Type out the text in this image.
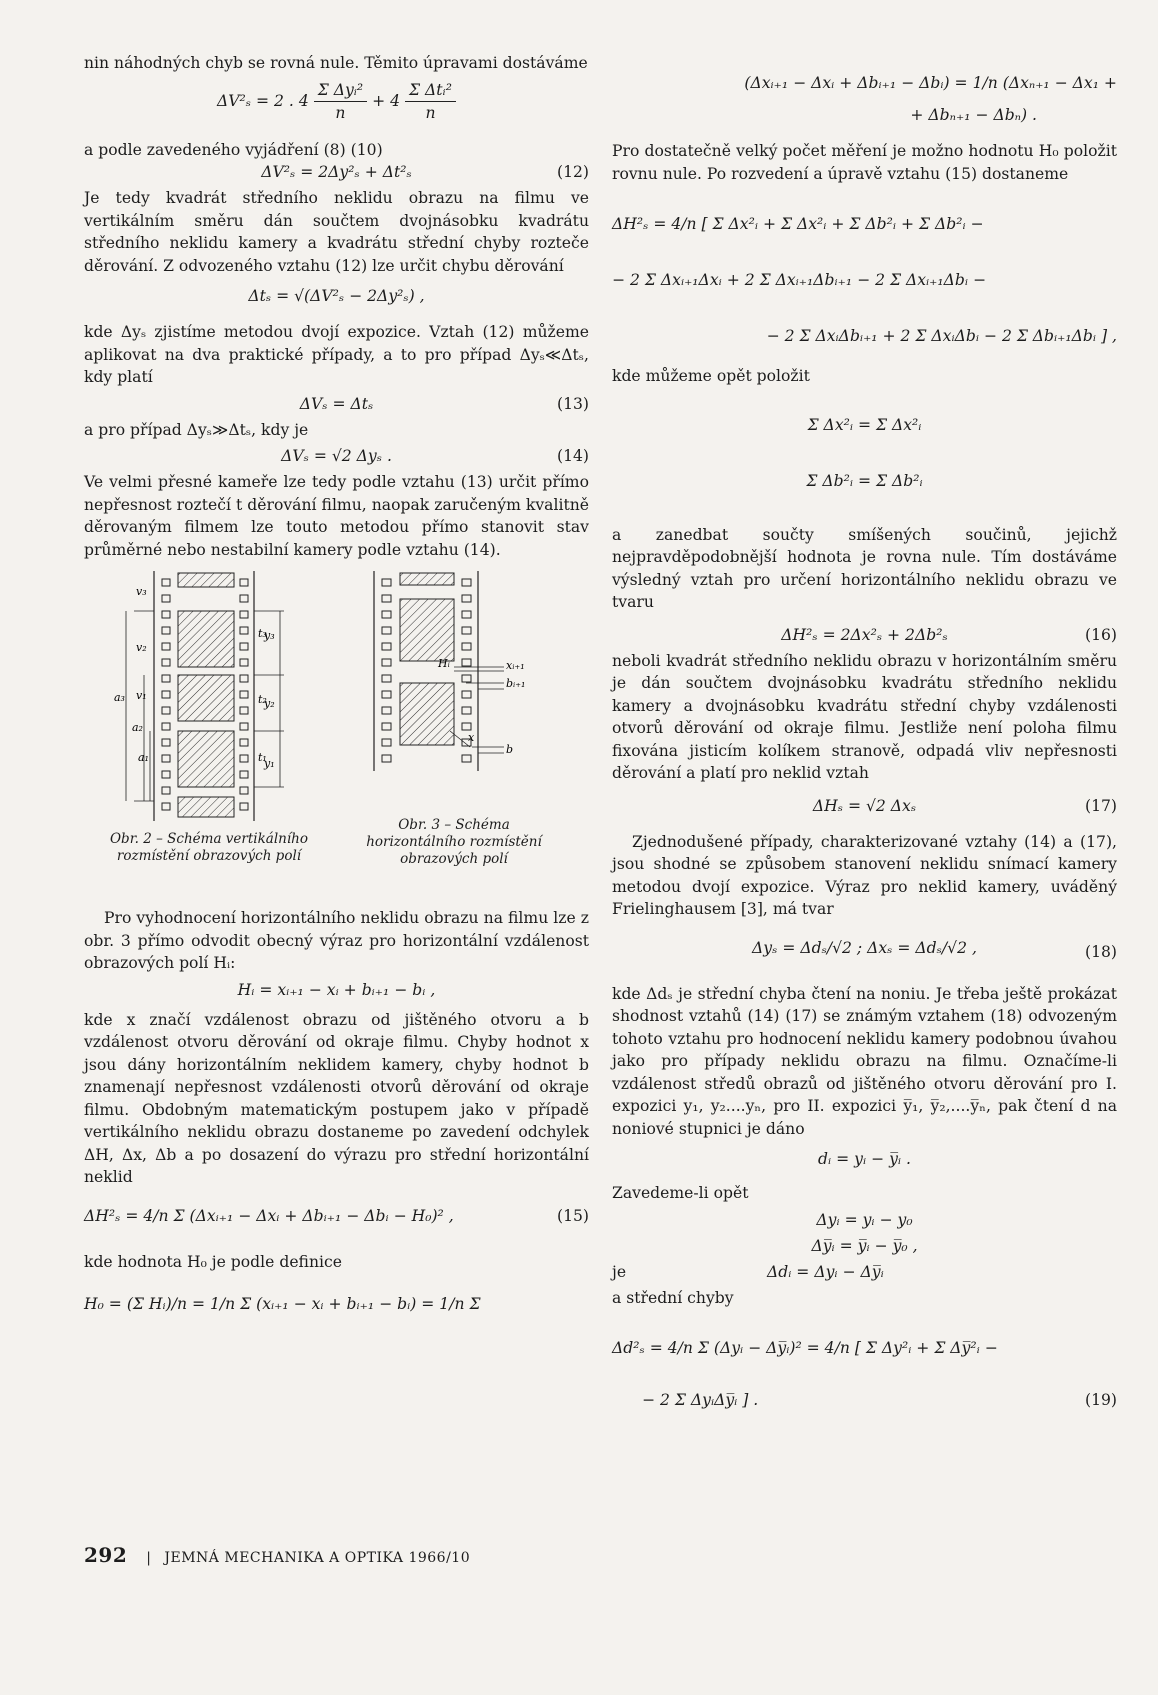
nin náhodných chyb se rovná nule. Těmito úpravami dostáváme

ΔV²ₛ = 2 . $4 \frac{\text{Σ Δyᵢ²}}{n} + 4 \frac{\text{Σ Δtᵢ²}}{n}$

a podle zavedeného vyjádření (8) (10)

ΔV²ₛ = 2Δy²ₛ + Δt²ₛ	(12)

Je tedy kvadrát středního neklidu obrazu na filmu ve vertikálním směru dán součtem dvojnásobku kvadrátu středního neklidu kamery a kvadrátu střední chyby rozteče děrování. Z odvozeného vztahu (12) lze určit chybu děrování

Δtₛ = √(ΔV²ₛ − 2Δy²ₛ) ,

kde Δyₛ zjistíme metodou dvojí expozice. Vztah (12) můžeme aplikovat na dva praktické případy, a to pro případ Δyₛ≪Δtₛ, kdy platí

ΔVₛ = Δtₛ	(13)

a pro případ Δyₛ≫Δtₛ, kdy je

ΔVₛ = √2 Δyₛ .	(14)

Ve velmi přesné kameře lze tedy podle vztahu (13) určit přímo nepřesnost roztečí t děrování filmu, naopak zaručeným kvalitně děrovaným filmem lze touto metodou přímo stanovit stav průměrné nebo nestabilní kamery podle vztahu (14).

a₃
a₂
a₁
v₃
v₂
v₁
t₃
t₂
t₁
y₃
y₂
y₁
Hᵢ	xᵢ₊₁
bᵢ₊₁
x
b
Obr. 2 – Schéma vertikálního rozmístění obrazových polí
Obr. 3 – Schéma horizontálního rozmístění obrazových polí

Pro vyhodnocení horizontálního neklidu obrazu na filmu lze z obr. 3 přímo odvodit obecný výraz pro horizontální vzdálenost obrazových polí Hᵢ:

Hᵢ = xᵢ₊₁ − xᵢ + bᵢ₊₁ − bᵢ ,

kde x značí vzdálenost obrazu od jištěného otvoru a b vzdálenost otvoru děrování od okraje filmu. Chyby hodnot x jsou dány horizontálním neklidem kamery, chyby hodnot b znamenají nepřesnost vzdálenosti otvorů děrování od okraje filmu. Obdobným matematickým postupem jako v případě vertikálního neklidu obrazu dostaneme po zavedení odchylek ΔH, Δx, Δb a po dosazení do výrazu pro střední horizontální neklid

ΔH²ₛ = 4/n Σ (Δxᵢ₊₁ − Δxᵢ + Δbᵢ₊₁ − Δbᵢ − H₀)² ,	(15)

kde hodnota H₀ je podle definice

H₀ = (Σ Hᵢ)/n = 1/n Σ (xᵢ₊₁ − xᵢ + bᵢ₊₁ − bᵢ) = 1/n Σ
(Δxᵢ₊₁ − Δxᵢ + Δbᵢ₊₁ − Δbᵢ) = 1/n (Δxₙ₊₁ − Δx₁ +
+ Δbₙ₊₁ − Δbₙ) .

Pro dostatečně velký počet měření je možno hodnotu H₀ položit rovnu nule. Po rozvedení a úpravě vztahu (15) dostaneme

ΔH²ₛ = 4/n [ Σ Δx²ᵢ + Σ Δx²ᵢ + Σ Δb²ᵢ + Σ Δb²ᵢ −
− 2 Σ Δxᵢ₊₁Δxᵢ + 2 Σ Δxᵢ₊₁Δbᵢ₊₁ − 2 Σ Δxᵢ₊₁Δbᵢ −
− 2 Σ ΔxᵢΔbᵢ₊₁ + 2 Σ ΔxᵢΔbᵢ − 2 Σ Δbᵢ₊₁Δbᵢ ] ,

kde můžeme opět položit

Σ Δx²ᵢ = Σ Δx²ᵢ
Σ Δb²ᵢ = Σ Δb²ᵢ

a zanedbat součty smíšených součinů, jejichž nejpravděpodobnější hodnota je rovna nule. Tím dostáváme výsledný vztah pro určení horizontálního neklidu obrazu ve tvaru

ΔH²ₛ = 2Δx²ₛ + 2Δb²ₛ	(16)

neboli kvadrát středního neklidu obrazu v horizontálním směru je dán součtem dvojnásobku kvadrátu středního neklidu kamery a dvojnásobku kvadrátu střední chyby vzdálenosti otvorů děrování od okraje filmu. Jestliže není poloha filmu fixována jisticím kolíkem stranově, odpadá vliv nepřesnosti děrování a platí pro neklid vztah

ΔHₛ = √2 Δxₛ	(17)

Zjednodušené případy, charakterizované vztahy (14) a (17), jsou shodné se způsobem stanovení neklidu snímací kamery metodou dvojí expozice. Výraz pro neklid kamery, uváděný Frielinghausem [3], má tvar

Δyₛ = Δdₛ/√2 ; Δxₛ = Δdₛ/√2 ,	(18)

kde Δdₛ je střední chyba čtení na noniu. Je třeba ještě prokázat shodnost vztahů (14) (17) se známým vztahem (18) odvozeným tohoto vztahu pro hodnocení neklidu kamery podobnou úvahou jako pro případy neklidu obrazu na filmu. Označíme-li vzdálenost středů obrazů od jištěného otvoru děrování pro I. expozici y₁, y₂....yₙ, pro II. expozici y̅₁, y̅₂,....y̅ₙ, pak čtení d na noniové stupnici je dáno

dᵢ = yᵢ − y̅ᵢ .

Zavedeme-li opět

Δyᵢ = yᵢ − y₀
Δy̅ᵢ = y̅ᵢ − y̅₀ ,
je	Δdᵢ = Δyᵢ − Δy̅ᵢ

a střední chyby

Δd²ₛ = 4/n Σ (Δyᵢ − Δy̅ᵢ)² = 4/n [ Σ Δy²ᵢ + Σ Δy̅²ᵢ −
− 2 Σ ΔyᵢΔy̅ᵢ ] .	(19)
292 | JEMNÁ MECHANIKA A OPTIKA 1966/10
